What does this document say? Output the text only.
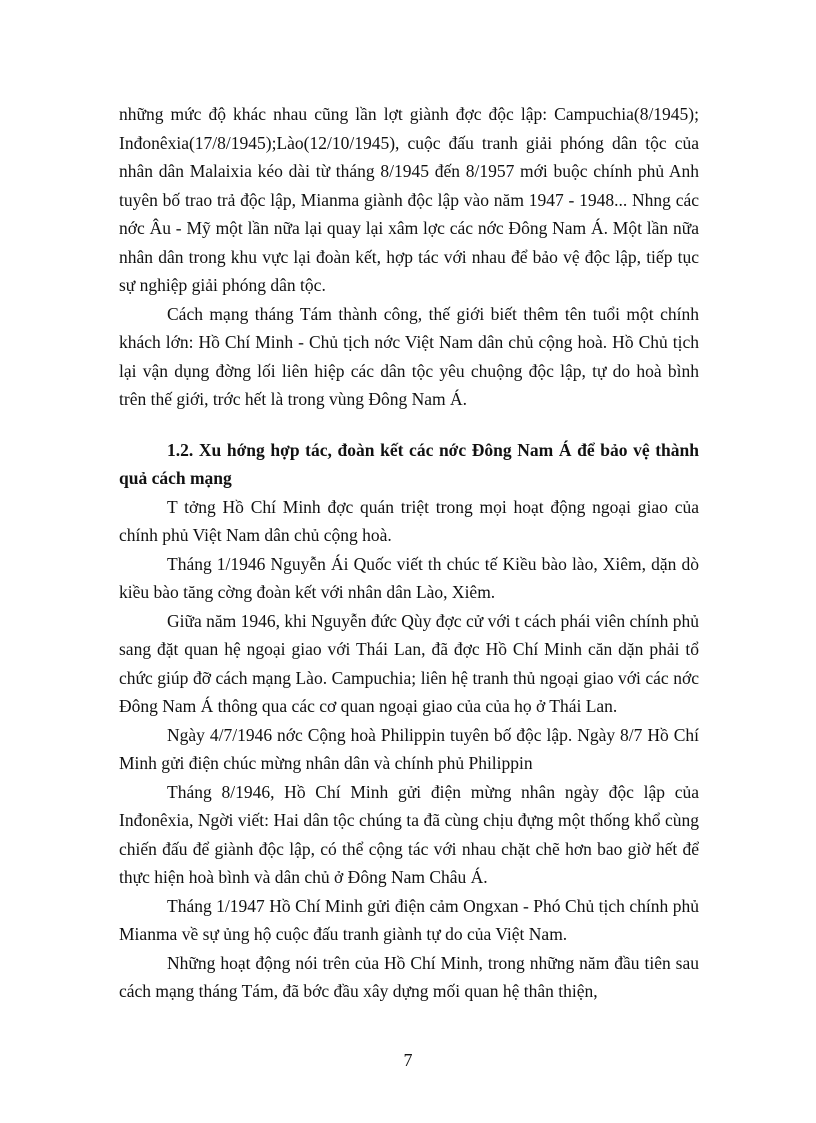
những mức độ khác nhau cũng lần lợt giành đợc độc lập: Campuchia(8/1945); Inđonêxia(17/8/1945);Lào(12/10/1945), cuộc đấu tranh giải phóng dân tộc của nhân dân Malaixia kéo dài từ tháng 8/1945 đến 8/1957 mới buộc chính phủ Anh tuyên bố trao trả độc lập, Mianma giành độc lập vào năm 1947 - 1948... Nhng các nớc Âu - Mỹ một lần nữa lại quay lại xâm lợc các nớc Đông Nam Á. Một lần nữa nhân dân trong khu vực lại đoàn kết, hợp tác với nhau để bảo vệ độc lập, tiếp tục sự nghiệp giải phóng dân tộc.

Cách mạng tháng Tám thành công, thế giới biết thêm tên tuổi một chính khách lớn: Hồ Chí Minh - Chủ tịch nớc Việt Nam dân chủ cộng hoà. Hồ Chủ tịch lại vận dụng đờng lối liên hiệp các dân tộc yêu chuộng độc lập, tự do hoà bình trên thế giới, trớc hết là trong vùng Đông Nam Á.

1.2. Xu hớng hợp tác, đoàn kết các nớc Đông Nam Á để bảo vệ thành quả cách mạng

T tởng Hồ Chí Minh đợc quán triệt trong mọi hoạt động ngoại giao của chính phủ Việt Nam dân chủ cộng hoà.

Tháng 1/1946 Nguyễn Ái Quốc viết th chúc tế Kiều bào lào, Xiêm, dặn dò kiều bào tăng cờng đoàn kết với nhân dân Lào, Xiêm.

Giữa năm 1946, khi Nguyễn đức Qùy đợc cử với t cách phái viên chính phủ sang đặt quan hệ ngoại giao với Thái Lan, đã đợc Hồ Chí Minh căn dặn phải tổ chức giúp đỡ cách mạng Lào. Campuchia; liên hệ tranh thủ ngoại giao với các nớc Đông Nam Á thông qua các cơ quan ngoại giao của của họ ở Thái Lan.

Ngày 4/7/1946 nớc Cộng hoà Philippin tuyên bố độc lập. Ngày 8/7 Hồ Chí Minh gửi điện chúc mừng nhân dân và chính phủ Philippin

Tháng 8/1946, Hồ Chí Minh gửi điện mừng nhân ngày độc lập của Inđonêxia, Ngời viết: Hai dân tộc chúng ta đã cùng chịu đựng một thống khổ cùng chiến đấu để giành độc lập, có thể cộng tác với nhau chặt chẽ hơn bao giờ hết để thực hiện hoà bình và dân chủ ở Đông Nam Châu Á.

Tháng 1/1947 Hồ Chí Minh gửi điện cảm Ongxan - Phó Chủ tịch chính phủ Mianma về sự ủng hộ cuộc đấu tranh giành tự do của Việt Nam.

Những hoạt động nói trên của Hồ Chí Minh, trong những năm đầu tiên sau cách mạng tháng Tám, đã bớc đầu xây dựng mối quan hệ thân thiện,

7
